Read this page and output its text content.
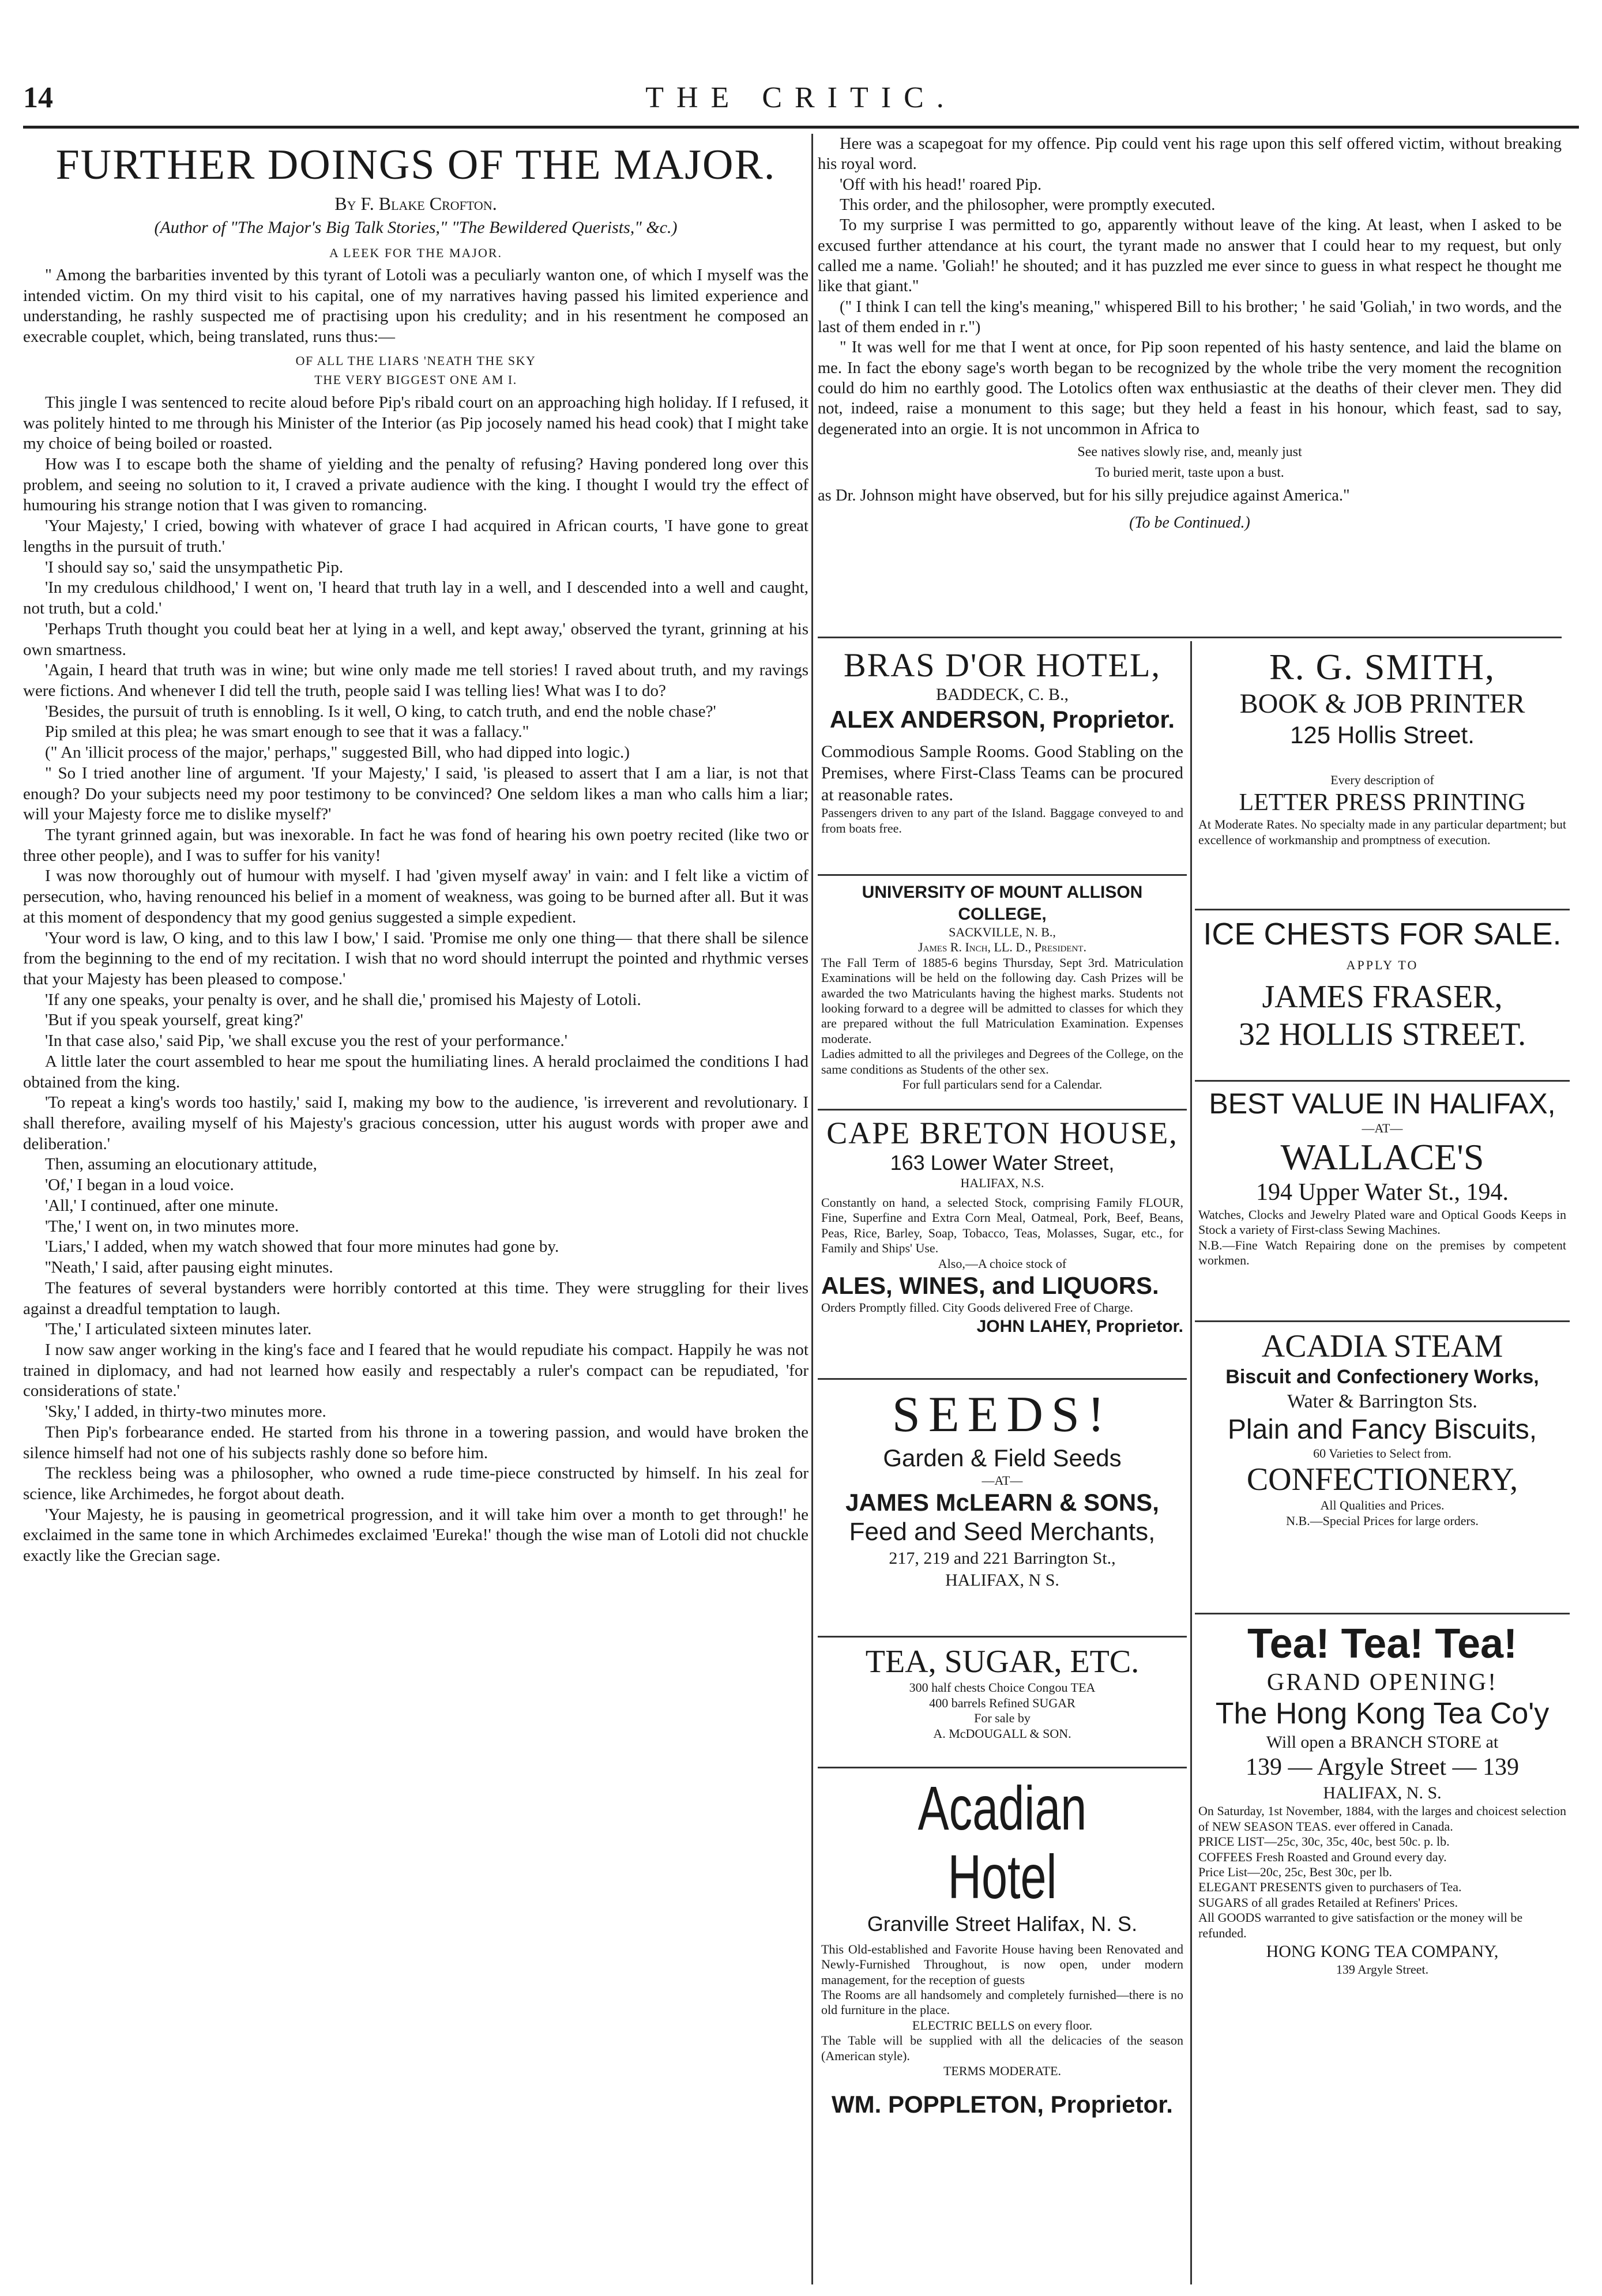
14	THE CRITIC.
FURTHER DOINGS OF THE MAJOR.
By F. Blake Crofton.
(Author of "The Major's Big Talk Stories," "The Bewildered Querists," &c.)
A LEEK FOR THE MAJOR.

" Among the barbarities invented by this tyrant of Lotoli was a peculiarly wanton one, of which I myself was the intended victim. On my third visit to his capital, one of my narratives having passed his limited experience and understanding, he rashly suspected me of practising upon his credulity; and in his resentment he composed an execrable couplet, which, being translated, runs thus:—

OF ALL THE LIARS 'NEATH THE SKY

THE VERY BIGGEST ONE AM I.

This jingle I was sentenced to recite aloud before Pip's ribald court on an approaching high holiday. If I refused, it was politely hinted to me through his Minister of the Interior (as Pip jocosely named his head cook) that I might take my choice of being boiled or roasted.

How was I to escape both the shame of yielding and the penalty of refusing? Having pondered long over this problem, and seeing no solution to it, I craved a private audience with the king. I thought I would try the effect of humouring his strange notion that I was given to romancing.

'Your Majesty,' I cried, bowing with whatever of grace I had acquired in African courts, 'I have gone to great lengths in the pursuit of truth.'

'I should say so,' said the unsympathetic Pip.

'In my credulous childhood,' I went on, 'I heard that truth lay in a well, and I descended into a well and caught, not truth, but a cold.'

'Perhaps Truth thought you could beat her at lying in a well, and kept away,' observed the tyrant, grinning at his own smartness.

'Again, I heard that truth was in wine; but wine only made me tell stories! I raved about truth, and my ravings were fictions. And whenever I did tell the truth, people said I was telling lies! What was I to do?

'Besides, the pursuit of truth is ennobling. Is it well, O king, to catch truth, and end the noble chase?'

Pip smiled at this plea; he was smart enough to see that it was a fallacy."

(" An 'illicit process of the major,' perhaps," suggested Bill, who had dipped into logic.)

" So I tried another line of argument. 'If your Majesty,' I said, 'is pleased to assert that I am a liar, is not that enough? Do your subjects need my poor testimony to be convinced? One seldom likes a man who calls him a liar; will your Majesty force me to dislike myself?'

The tyrant grinned again, but was inexorable. In fact he was fond of hearing his own poetry recited (like two or three other people), and I was to suffer for his vanity!

I was now thoroughly out of humour with myself. I had 'given myself away' in vain: and I felt like a victim of persecution, who, having renounced his belief in a moment of weakness, was going to be burned after all. But it was at this moment of despondency that my good genius suggested a simple expedient.

'Your word is law, O king, and to this law I bow,' I said. 'Promise me only one thing— that there shall be silence from the beginning to the end of my recitation. I wish that no word should interrupt the pointed and rhythmic verses that your Majesty has been pleased to compose.'

'If any one speaks, your penalty is over, and he shall die,' promised his Majesty of Lotoli.

'But if you speak yourself, great king?'

'In that case also,' said Pip, 'we shall excuse you the rest of your performance.'

A little later the court assembled to hear me spout the humiliating lines. A herald proclaimed the conditions I had obtained from the king.

'To repeat a king's words too hastily,' said I, making my bow to the audience, 'is irreverent and revolutionary. I shall therefore, availing myself of his Majesty's gracious concession, utter his august words with proper awe and deliberation.'

Then, assuming an elocutionary attitude,

'Of,' I began in a loud voice.

'All,' I continued, after one minute.

'The,' I went on, in two minutes more.

'Liars,' I added, when my watch showed that four more minutes had gone by.

''Neath,' I said, after pausing eight minutes.

The features of several bystanders were horribly contorted at this time. They were struggling for their lives against a dreadful temptation to laugh.

'The,' I articulated sixteen minutes later.

I now saw anger working in the king's face and I feared that he would repudiate his compact. Happily he was not trained in diplomacy, and had not learned how easily and respectably a ruler's compact can be repudiated, 'for considerations of state.'

'Sky,' I added, in thirty-two minutes more.

Then Pip's forbearance ended. He started from his throne in a towering passion, and would have broken the silence himself had not one of his subjects rashly done so before him.

The reckless being was a philosopher, who owned a rude time-piece constructed by himself. In his zeal for science, like Archimedes, he forgot about death.

'Your Majesty, he is pausing in geometrical progression, and it will take him over a month to get through!' he exclaimed in the same tone in which Archimedes exclaimed 'Eureka!' though the wise man of Lotoli did not chuckle exactly like the Grecian sage.

Here was a scapegoat for my offence. Pip could vent his rage upon this self offered victim, without breaking his royal word.

'Off with his head!' roared Pip.

This order, and the philosopher, were promptly executed.

To my surprise I was permitted to go, apparently without leave of the king. At least, when I asked to be excused further attendance at his court, the tyrant made no answer that I could hear to my request, but only called me a name. 'Goliah!' he shouted; and it has puzzled me ever since to guess in what respect he thought me like that giant."

(" I think I can tell the king's meaning," whispered Bill to his brother; ' he said 'Goliah,' in two words, and the last of them ended in r.")

" It was well for me that I went at once, for Pip soon repented of his hasty sentence, and laid the blame on me. In fact the ebony sage's worth began to be recognized by the whole tribe the very moment the recognition could do him no earthly good. The Lotolics often wax enthusiastic at the deaths of their clever men. They did not, indeed, raise a monument to this sage; but they held a feast in his honour, which feast, sad to say, degenerated into an orgie. It is not uncommon in Africa to

See natives slowly rise, and, meanly just

To buried merit, taste upon a bust.

as Dr. Johnson might have observed, but for his silly prejudice against America."

(To be Continued.)
BRAS D'OR HOTEL,
BADDECK, C. B.,
ALEX ANDERSON, Proprietor.
Commodious Sample Rooms. Good Stabling on the Premises, where First-Class Teams can be procured at reasonable rates.
Passengers driven to any part of the Island. Baggage conveyed to and from boats free.
UNIVERSITY OF MOUNT ALLISON COLLEGE,
SACKVILLE, N. B.,
James R. Inch, LL. D., President.
The Fall Term of 1885-6 begins Thursday, Sept 3rd. Matriculation Examinations will be held on the following day. Cash Prizes will be awarded the two Matriculants having the highest marks. Students not looking forward to a degree will be admitted to classes for which they are prepared without the full Matriculation Examination. Expenses moderate.
Ladies admitted to all the privileges and Degrees of the College, on the same conditions as Students of the other sex.
For full particulars send for a Calendar.
CAPE BRETON HOUSE,
163 Lower Water Street,
HALIFAX, N.S.
Constantly on hand, a selected Stock, comprising Family FLOUR, Fine, Superfine and Extra Corn Meal, Oatmeal, Pork, Beef, Beans, Peas, Rice, Barley, Soap, Tobacco, Teas, Molasses, Sugar, etc., for Family and Ships' Use.
Also,—A choice stock of
ALES, WINES, and LIQUORS.
Orders Promptly filled. City Goods delivered Free of Charge.
JOHN LAHEY, Proprietor.
SEEDS!
Garden & Field Seeds
—AT—
JAMES McLEARN & SONS,
Feed and Seed Merchants,
217, 219 and 221 Barrington St.,
HALIFAX, N S.
TEA, SUGAR, ETC.
300 half chests Choice Congou TEA
400 barrels Refined SUGAR
For sale by
A. McDOUGALL & SON.
Acadian Hotel
Granville Street Halifax, N. S.
This Old-established and Favorite House having been Renovated and Newly-Furnished Throughout, is now open, under modern management, for the reception of guests
The Rooms are all handsomely and completely furnished—there is no old furniture in the place.
ELECTRIC BELLS on every floor.
The Table will be supplied with all the delicacies of the season (American style).
TERMS MODERATE.
WM. POPPLETON, Proprietor.
R. G. SMITH,
BOOK & JOB PRINTER
125 Hollis Street.
Every description of
LETTER PRESS PRINTING
At Moderate Rates. No specialty made in any particular department; but excellence of workmanship and promptness of execution.
ICE CHESTS FOR SALE.
APPLY TO
JAMES FRASER,
32 HOLLIS STREET.
BEST VALUE IN HALIFAX,
—AT—
WALLACE'S
194 Upper Water St., 194.
Watches, Clocks and Jewelry Plated ware and Optical Goods Keeps in Stock a variety of First-class Sewing Machines.
N.B.—Fine Watch Repairing done on the premises by competent workmen.
ACADIA STEAM
Biscuit and Confectionery Works,
Water & Barrington Sts.
Plain and Fancy Biscuits,
60 Varieties to Select from.
CONFECTIONERY,
All Qualities and Prices.
N.B.—Special Prices for large orders.
Tea! Tea! Tea!
GRAND OPENING!
The Hong Kong Tea Co'y
Will open a BRANCH STORE at
139 — Argyle Street — 139
HALIFAX, N. S.
On Saturday, 1st November, 1884, with the larges and choicest selection of NEW SEASON TEAS. ever offered in Canada.
PRICE LIST—25c, 30c, 35c, 40c, best 50c. p. lb.
COFFEES Fresh Roasted and Ground every day.
Price List—20c, 25c, Best 30c, per lb.
ELEGANT PRESENTS given to purchasers of Tea.
SUGARS of all grades Retailed at Refiners' Prices.
All GOODS warranted to give satisfaction or the money will be refunded.
HONG KONG TEA COMPANY,
139 Argyle Street.
